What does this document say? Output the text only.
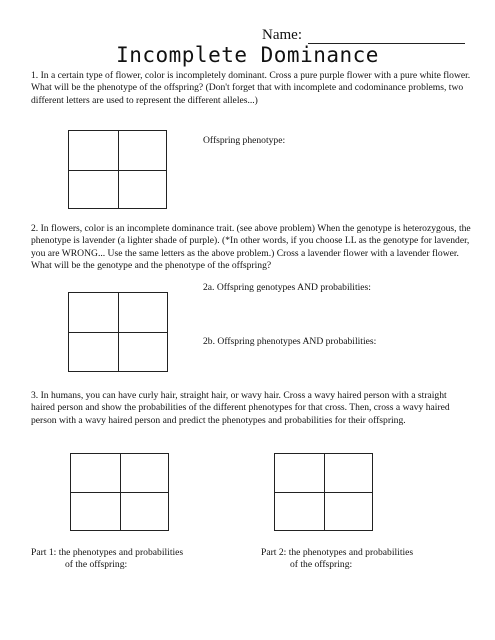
Name:
Incomplete Dominance
1. In a certain type of flower, color is incompletely dominant. Cross a pure purple flower with a pure white flower. What will be the phenotype of the offspring? (Don't forget that with incomplete and codominance problems, two different letters are used to represent the different alleles...)
Offspring phenotype:
2. In flowers, color is an incomplete dominance trait. (see above problem) When the genotype is heterozygous, the phenotype is lavender (a lighter shade of purple). (*In other words, if you choose LL as the genotype for lavender, you are WRONG... Use the same letters as the above problem.) Cross a lavender flower with a lavender flower. What will be the genotype and the phenotype of the offspring?
2a. Offspring genotypes AND probabilities:
2b. Offspring phenotypes AND probabilities:
3. In humans, you can have curly hair, straight hair, or wavy hair. Cross a wavy haired person with a straight haired person and show the probabilities of the different phenotypes for that cross. Then, cross a wavy haired person with a wavy haired person and predict the phenotypes and probabilities for their offspring.
Part 1: the phenotypes and probabilities
of the offspring:
Part 2: the phenotypes and probabilities
of the offspring:
